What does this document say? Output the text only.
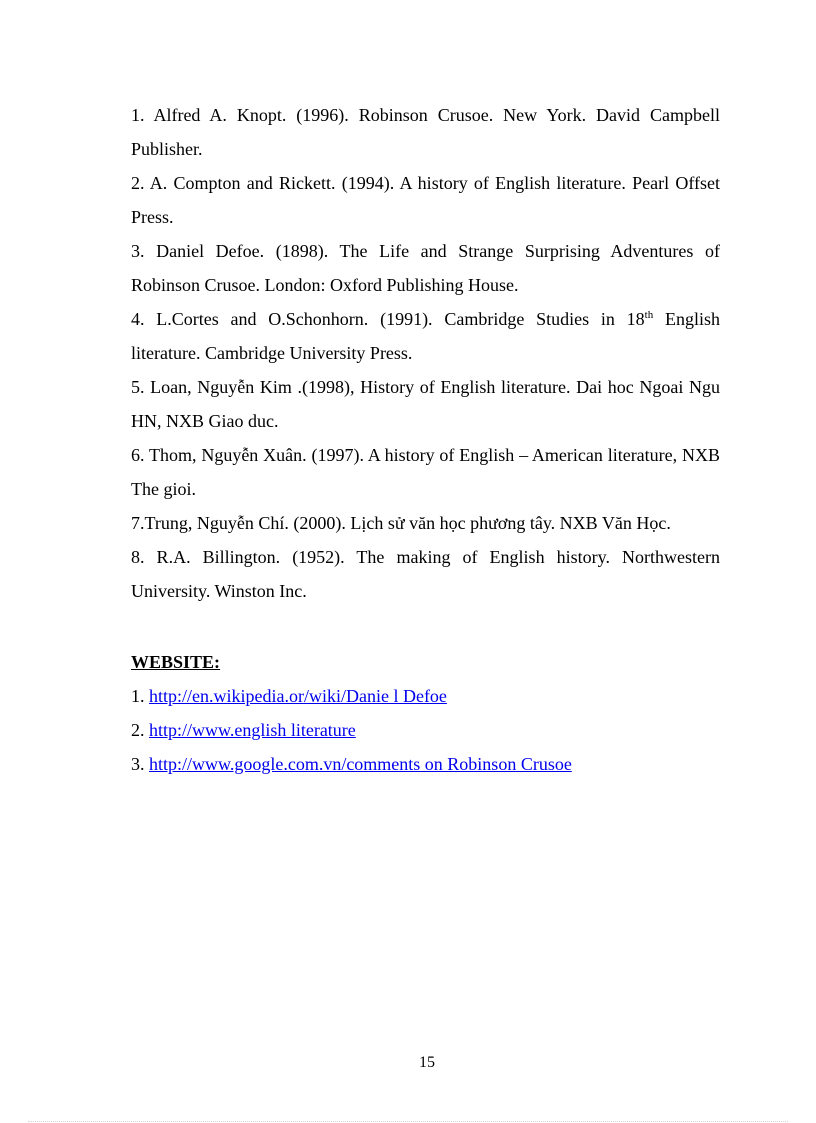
1. Alfred A. Knopt. (1996). Robinson Crusoe. New York. David Campbell Publisher.
2. A. Compton and Rickett. (1994). A history of English literature. Pearl Offset Press.
3. Daniel Defoe. (1898). The Life and Strange Surprising Adventures of Robinson Crusoe. London: Oxford Publishing House.
4. L.Cortes and O.Schonhorn. (1991). Cambridge Studies in 18th English literature. Cambridge University Press.
5. Loan, Nguyễn Kim .(1998), History of English literature. Dai hoc Ngoai Ngu HN, NXB Giao duc.
6. Thom, Nguyễn Xuân. (1997). A history of English – American literature, NXB The gioi.
7.Trung, Nguyễn Chí. (2000). Lịch sử văn học phương tây. NXB Văn Học.
8. R.A. Billington. (1952). The making of English history. Northwestern University. Winston Inc.
WEBSITE:
1. http://en.wikipedia.or/wiki/Danie l Defoe
2. http://www.english literature
3. http://www.google.com.vn/comments on Robinson Crusoe
15
